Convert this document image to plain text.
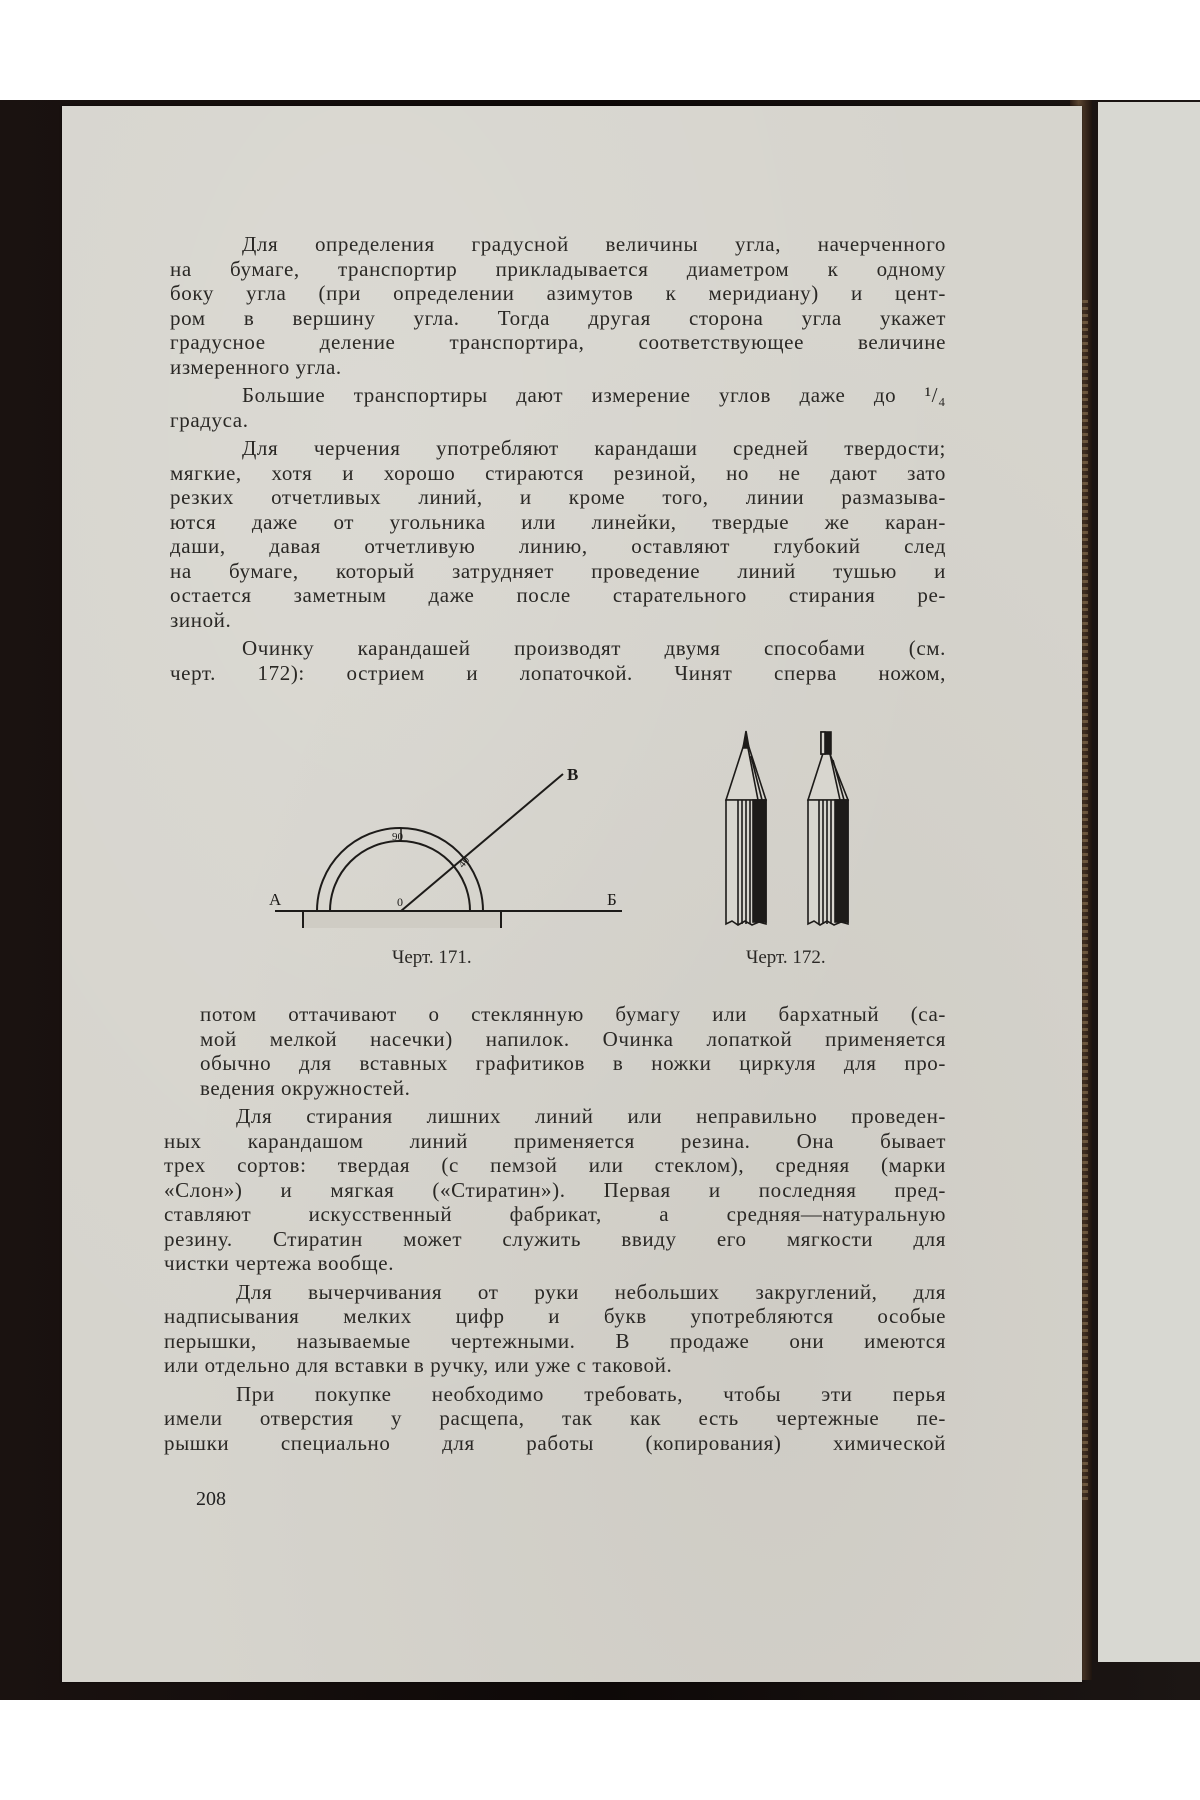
Для определения градусной величины угла, начерченного
на бумаге, транспортир прикладывается диаметром к одному
боку угла (при определении азимутов к меридиану) и цент-
ром в вершину угла. Тогда другая сторона угла укажет
градусное деление транспортира, соответствующее величине
измеренного угла.

Большие транспортиры дают измерение углов даже до ¹/₄
градуса.

Для черчения употребляют карандаши средней твердости;
мягкие, хотя и хорошо стираются резиной, но не дают зато
резких отчетливых линий, и кроме того, линии размазыва-
ются даже от угольника или линейки, твердые же каран-
даши, давая отчетливую линию, оставляют глубокий след
на бумаге, который затрудняет проведение линий тушью и
остается заметным даже после старательного стирания ре-
зиной.

Очинку карандашей производят двумя способами (см.
черт. 172): острием и лопаточкой. Чинят сперва ножом,

А	Б
В
0
90
40
Черт. 171.	Черт. 172.

потом оттачивают о стеклянную бумагу или бархатный (са-
мой мелкой насечки) напилок. Очинка лопаткой применяется
обычно для вставных графитиков в ножки циркуля для про-
ведения окружностей.

Для стирания лишних линий или неправильно проведен-
ных карандашом линий применяется резина. Она бывает
трех сортов: твердая (с пемзой или стеклом), средняя (марки
«Слон») и мягкая («Стиратин»). Первая и последняя пред-
ставляют искусственный фабрикат, а средняя—натуральную
резину. Стиратин может служить ввиду его мягкости для
чистки чертежа вообще.

Для вычерчивания от руки небольших закруглений, для
надписывания мелких цифр и букв употребляются особые
перышки, называемые чертежными. В продаже они имеются
или отдельно для вставки в ручку, или уже с таковой.

При покупке необходимо требовать, чтобы эти перья
имели отверстия у расщепа, так как есть чертежные пе-
рышки специально для работы (копирования) химической

208
